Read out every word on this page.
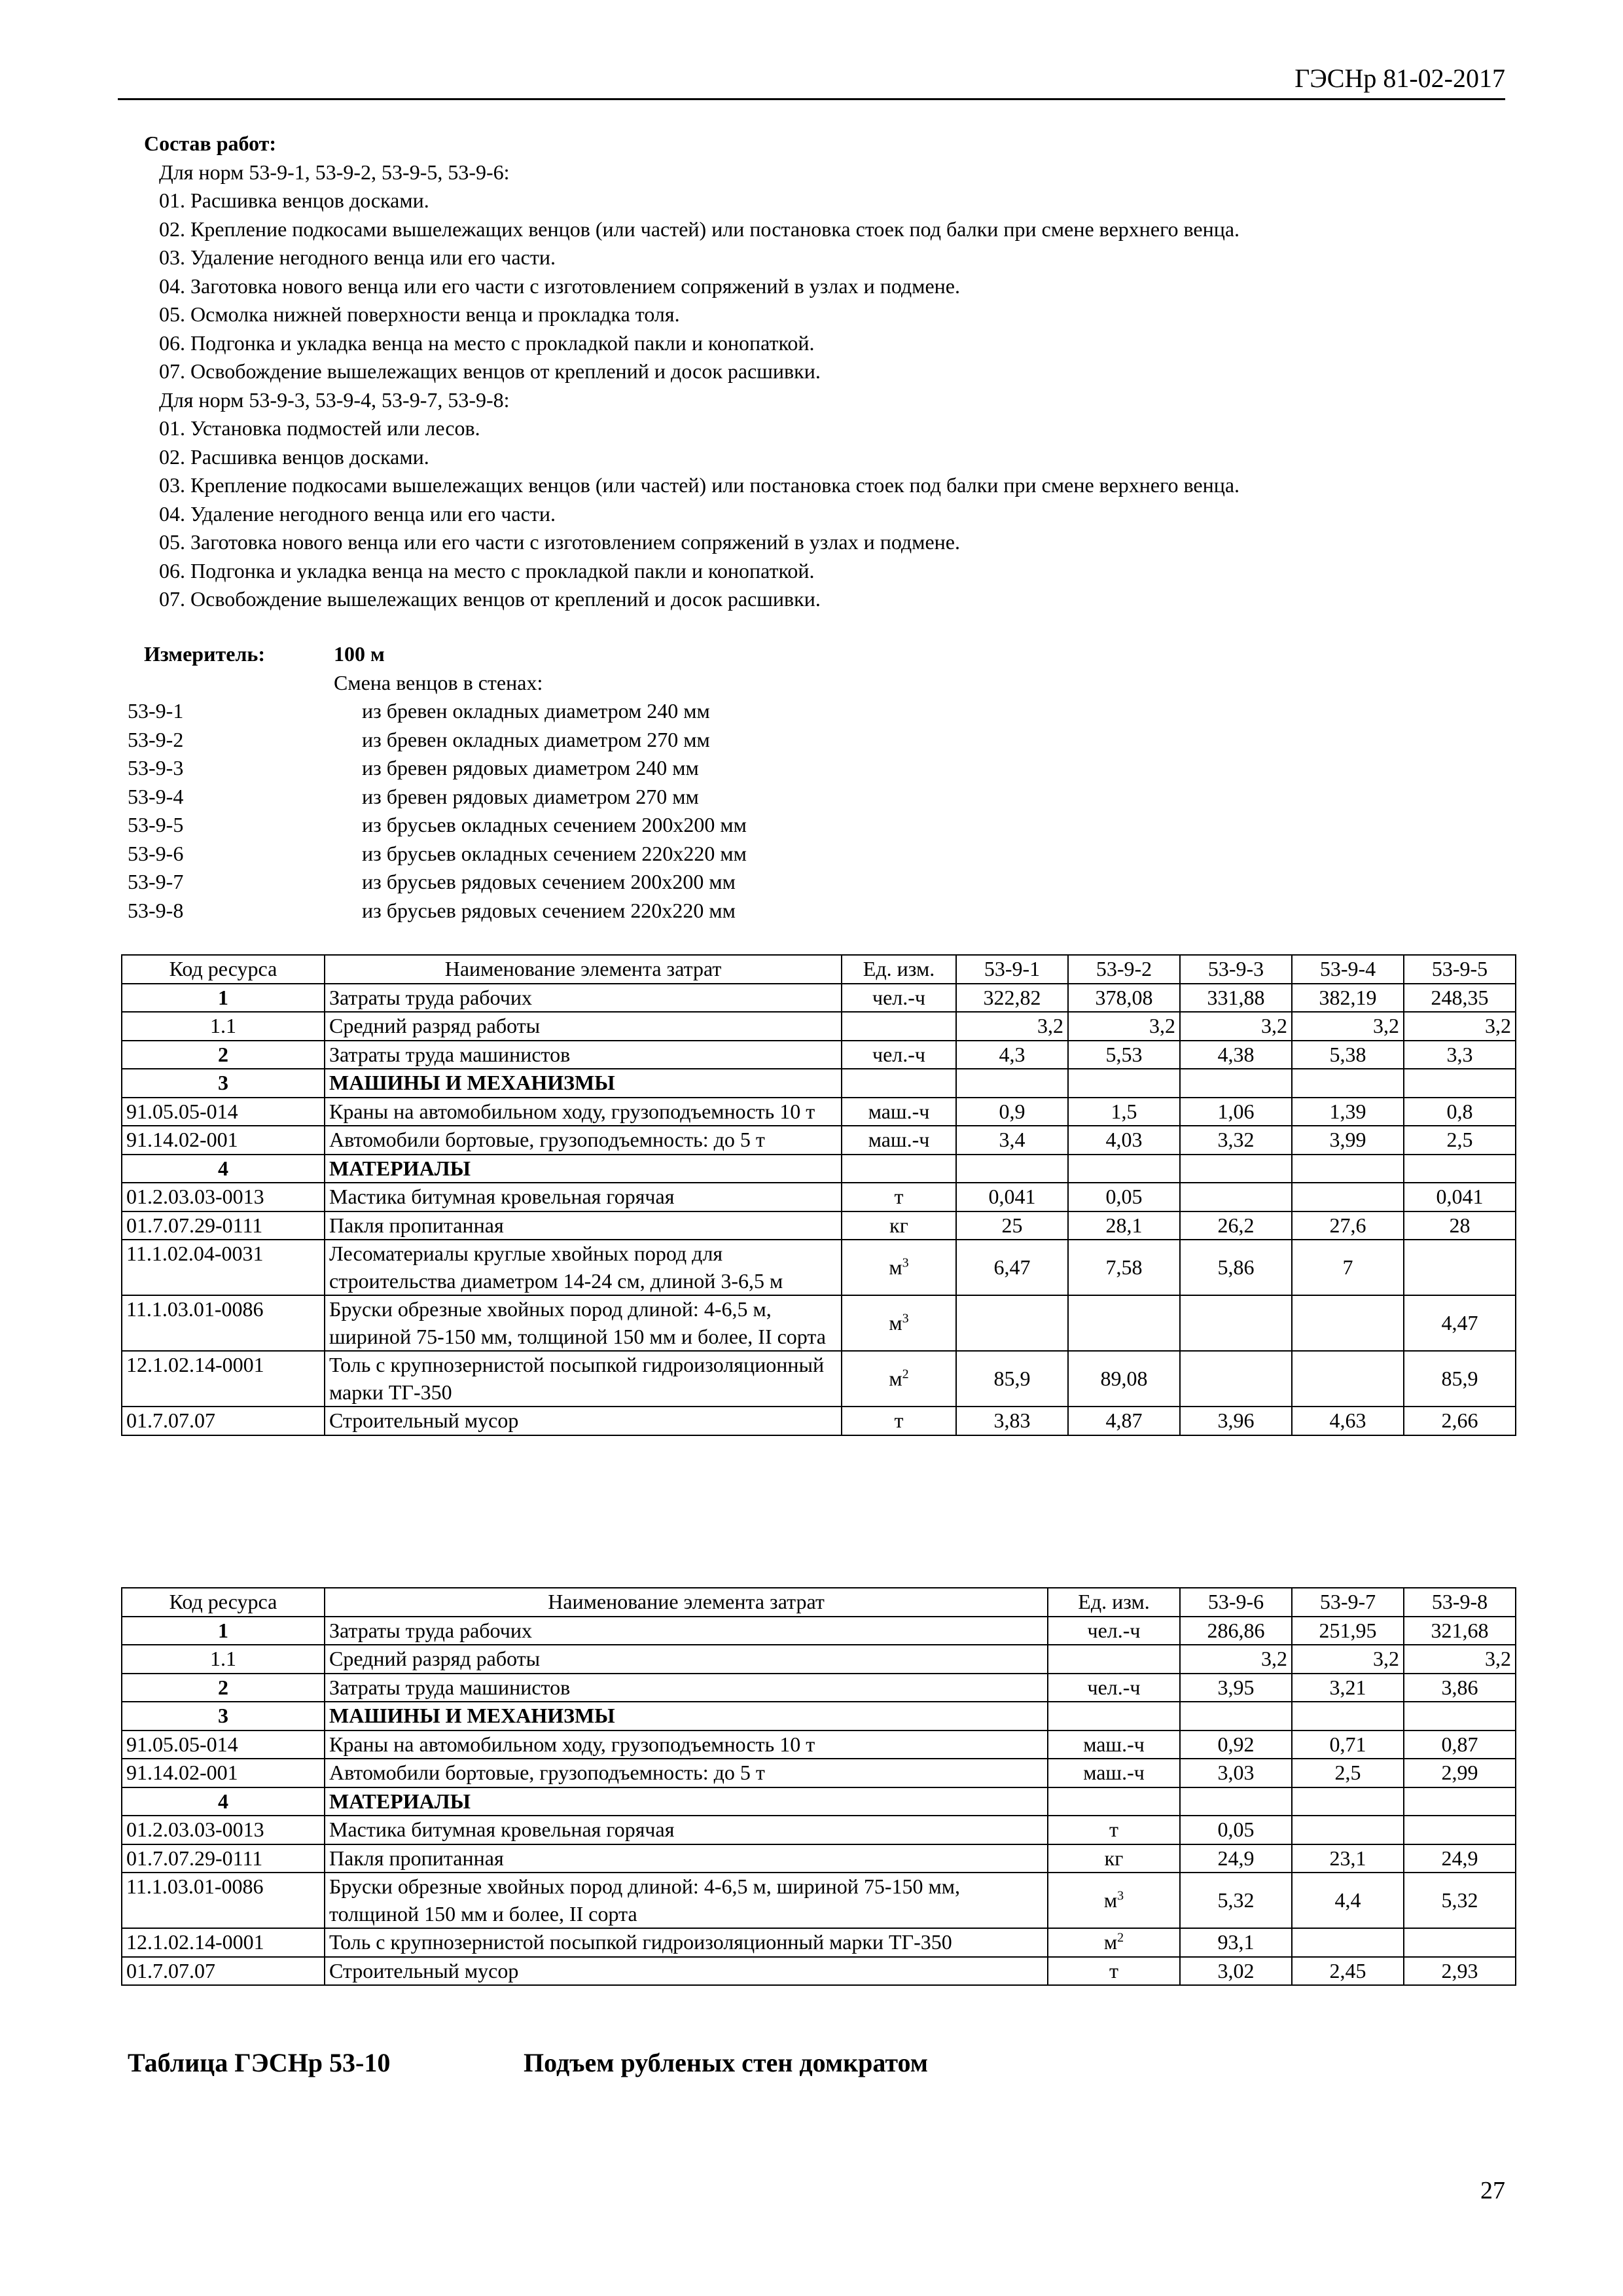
ГЭСНр 81-02-2017
Состав работ:
Для норм 53-9-1, 53-9-2, 53-9-5, 53-9-6:
01. Расшивка венцов досками.
02. Крепление подкосами вышележащих венцов (или частей) или постановка стоек под балки при смене верхнего венца.
03. Удаление негодного венца или его части.
04. Заготовка нового венца или его части с изготовлением сопряжений в узлах и подмене.
05. Осмолка нижней поверхности венца и прокладка толя.
06. Подгонка и укладка венца на место с прокладкой пакли и конопаткой.
07. Освобождение вышележащих венцов от креплений и досок расшивки.
Для норм 53-9-3, 53-9-4, 53-9-7, 53-9-8:
01. Установка подмостей или лесов.
02. Расшивка венцов досками.
03. Крепление подкосами вышележащих венцов (или частей) или постановка стоек под балки при смене верхнего венца.
04. Удаление негодного венца или его части.
05. Заготовка нового венца или его части с изготовлением сопряжений в узлах и подмене.
06. Подгонка и укладка венца на место с прокладкой пакли и конопаткой.
07. Освобождение вышележащих венцов от креплений и досок расшивки.
Измеритель:	100 м
Смена венцов в стенах:
53-9-1	из бревен окладных диаметром 240 мм
53-9-2	из бревен окладных диаметром 270 мм
53-9-3	из бревен рядовых диаметром 240 мм
53-9-4	из бревен рядовых диаметром 270 мм
53-9-5	из брусьев окладных сечением 200х200 мм
53-9-6	из брусьев окладных сечением 220х220 мм
53-9-7	из брусьев рядовых сечением 200х200 мм
53-9-8	из брусьев рядовых сечением 220х220 мм
Код ресурса	Наименование элемента затрат	Ед. изм.	53-9-1	53-9-2	53-9-3	53-9-4	53-9-5
1	Затраты труда рабочих	чел.-ч	322,82	378,08	331,88	382,19	248,35
1.1	Средний разряд работы		3,2	3,2	3,2	3,2	3,2
2	Затраты труда машинистов	чел.-ч	4,3	5,53	4,38	5,38	3,3
3	МАШИНЫ И МЕХАНИЗМЫ						
91.05.05-014	Краны на автомобильном ходу, грузоподъемность 10 т	маш.-ч	0,9	1,5	1,06	1,39	0,8
91.14.02-001	Автомобили бортовые, грузоподъемность: до 5 т	маш.-ч	3,4	4,03	3,32	3,99	2,5
4	МАТЕРИАЛЫ						
01.2.03.03-0013	Мастика битумная кровельная горячая	т	0,041	0,05			0,041
01.7.07.29-0111	Пакля пропитанная	кг	25	28,1	26,2	27,6	28
11.1.02.04-0031	Лесоматериалы круглые хвойных пород для строительства диаметром 14-24 см, длиной 3-6,5 м	$м^3$	6,47	7,58	5,86	7	
11.1.03.01-0086	Бруски обрезные хвойных пород длиной: 4-6,5 м, шириной 75-150 мм, толщиной 150 мм и более, II сорта	$м^3$					4,47
12.1.02.14-0001	Толь с крупнозернистой посыпкой гидроизоляционный марки ТГ-350	$м^2$	85,9	89,08			85,9
01.7.07.07	Строительный мусор	т	3,83	4,87	3,96	4,63	2,66
Код ресурса	Наименование элемента затрат	Ед. изм.	53-9-6	53-9-7	53-9-8
1	Затраты труда рабочих	чел.-ч	286,86	251,95	321,68
1.1	Средний разряд работы		3,2	3,2	3,2
2	Затраты труда машинистов	чел.-ч	3,95	3,21	3,86
3	МАШИНЫ И МЕХАНИЗМЫ				
91.05.05-014	Краны на автомобильном ходу, грузоподъемность 10 т	маш.-ч	0,92	0,71	0,87
91.14.02-001	Автомобили бортовые, грузоподъемность: до 5 т	маш.-ч	3,03	2,5	2,99
4	МАТЕРИАЛЫ				
01.2.03.03-0013	Мастика битумная кровельная горячая	т	0,05		
01.7.07.29-0111	Пакля пропитанная	кг	24,9	23,1	24,9
11.1.03.01-0086	Бруски обрезные хвойных пород длиной: 4-6,5 м, шириной 75-150 мм, толщиной 150 мм и более, II сорта	$м^3$	5,32	4,4	5,32
12.1.02.14-0001	Толь с крупнозернистой посыпкой гидроизоляционный марки ТГ-350	$м^2$	93,1		
01.7.07.07	Строительный мусор	т	3,02	2,45	2,93
Таблица ГЭСНр 53-10	Подъем рубленых стен домкратом
27
